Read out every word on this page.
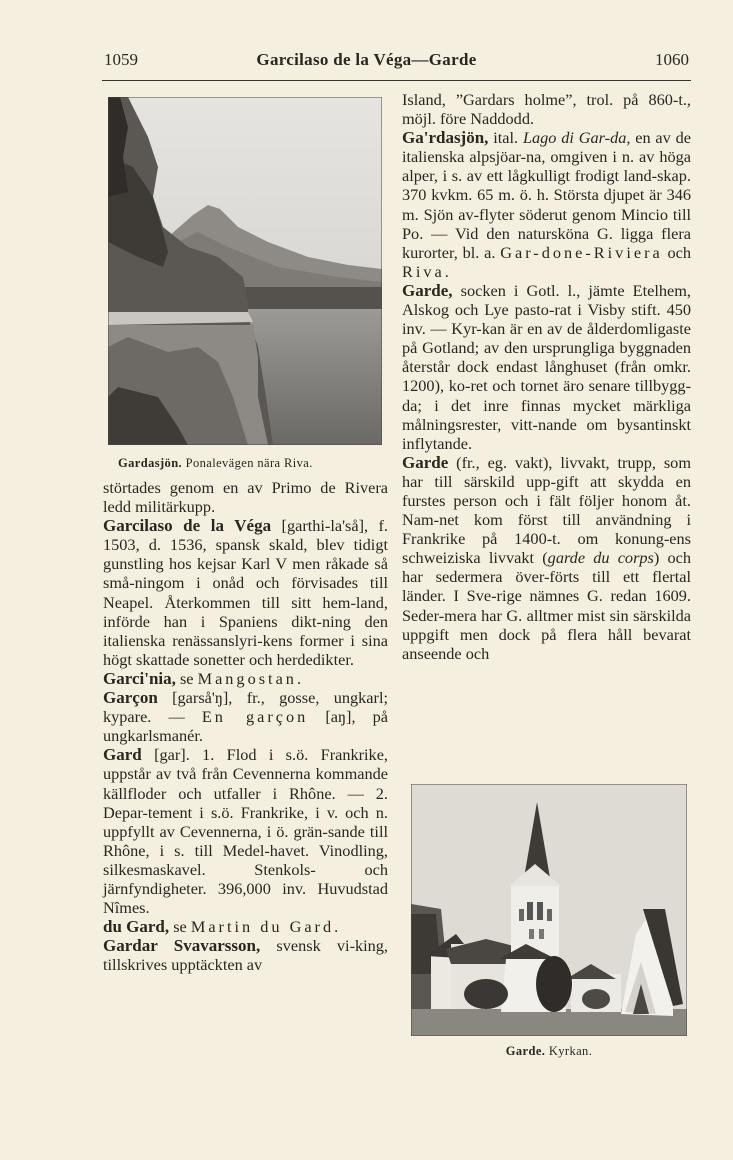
1059	Garcilaso de la Véga—Garde	1060
Gardasjön. Ponalevägen nära Riva.

störtades genom en av Primo de Rivera ledd militärkupp.

Garcilaso de la Véga [garthi-la'så], f. 1503, d. 1536, spansk skald, blev tidigt gunstling hos kejsar Karl V men råkade så små-ningom i onåd och förvisades till Neapel. Återkommen till sitt hem-land, införde han i Spaniens dikt-ning den italienska renässanslyri-kens former i sina högt skattade sonetter och herdedikter.

Garci'nia, se Mangostan.

Garçon [garså'ŋ], fr., gosse, ungkarl; kypare. — En garçon [aŋ], på ungkarlsmanér.

Gard [gar]. 1. Flod i s.ö. Frankrike, uppstår av två från Cevennerna kommande källfloder och utfaller i Rhône. — 2. Depar-tement i s.ö. Frankrike, i v. och n. uppfyllt av Cevennerna, i ö. grän-sande till Rhône, i s. till Medel-havet. Vinodling, silkesmaskavel. Stenkols- och järnfyndigheter. 396,000 inv. Huvudstad Nîmes.

du Gard, se Martin du Gard.

Gardar Svavarsson, svensk vi-king, tillskrives upptäckten av

Island, ”Gardars holme”, trol. på 860-t., möjl. före Naddodd.

Ga'rdasjön, ital. Lago di Gar-da, en av de italienska alpsjöar-na, omgiven i n. av höga alper, i s. av ett lågkulligt frodigt land-skap. 370 kvkm. 65 m. ö. h. Största djupet är 346 m. Sjön av-flyter söderut genom Mincio till Po. — Vid den natursköna G. ligga flera kurorter, bl. a. Gar-done-Riviera och Riva.

Garde, socken i Gotl. l., jämte Etelhem, Alskog och Lye pasto-rat i Visby stift. 450 inv. — Kyr-kan är en av de ålderdomligaste på Gotland; av den ursprungliga byggnaden återstår dock endast långhuset (från omkr. 1200), ko-ret och tornet äro senare tillbygg-da; i det inre finnas mycket märkliga målningsrester, vitt-nande om bysantinskt inflytande.

Garde (fr., eg. vakt), livvakt, trupp, som har till särskild upp-gift att skydda en furstes person och i fält följer honom åt. Nam-net kom först till användning i Frankrike på 1400-t. om konung-ens schweiziska livvakt (garde du corps) och har sedermera över-förts till ett flertal länder. I Sve-rige nämnes G. redan 1609. Seder-mera har G. alltmer mist sin särskilda uppgift men dock på flera håll bevarat anseende och

Garde. Kyrkan.
